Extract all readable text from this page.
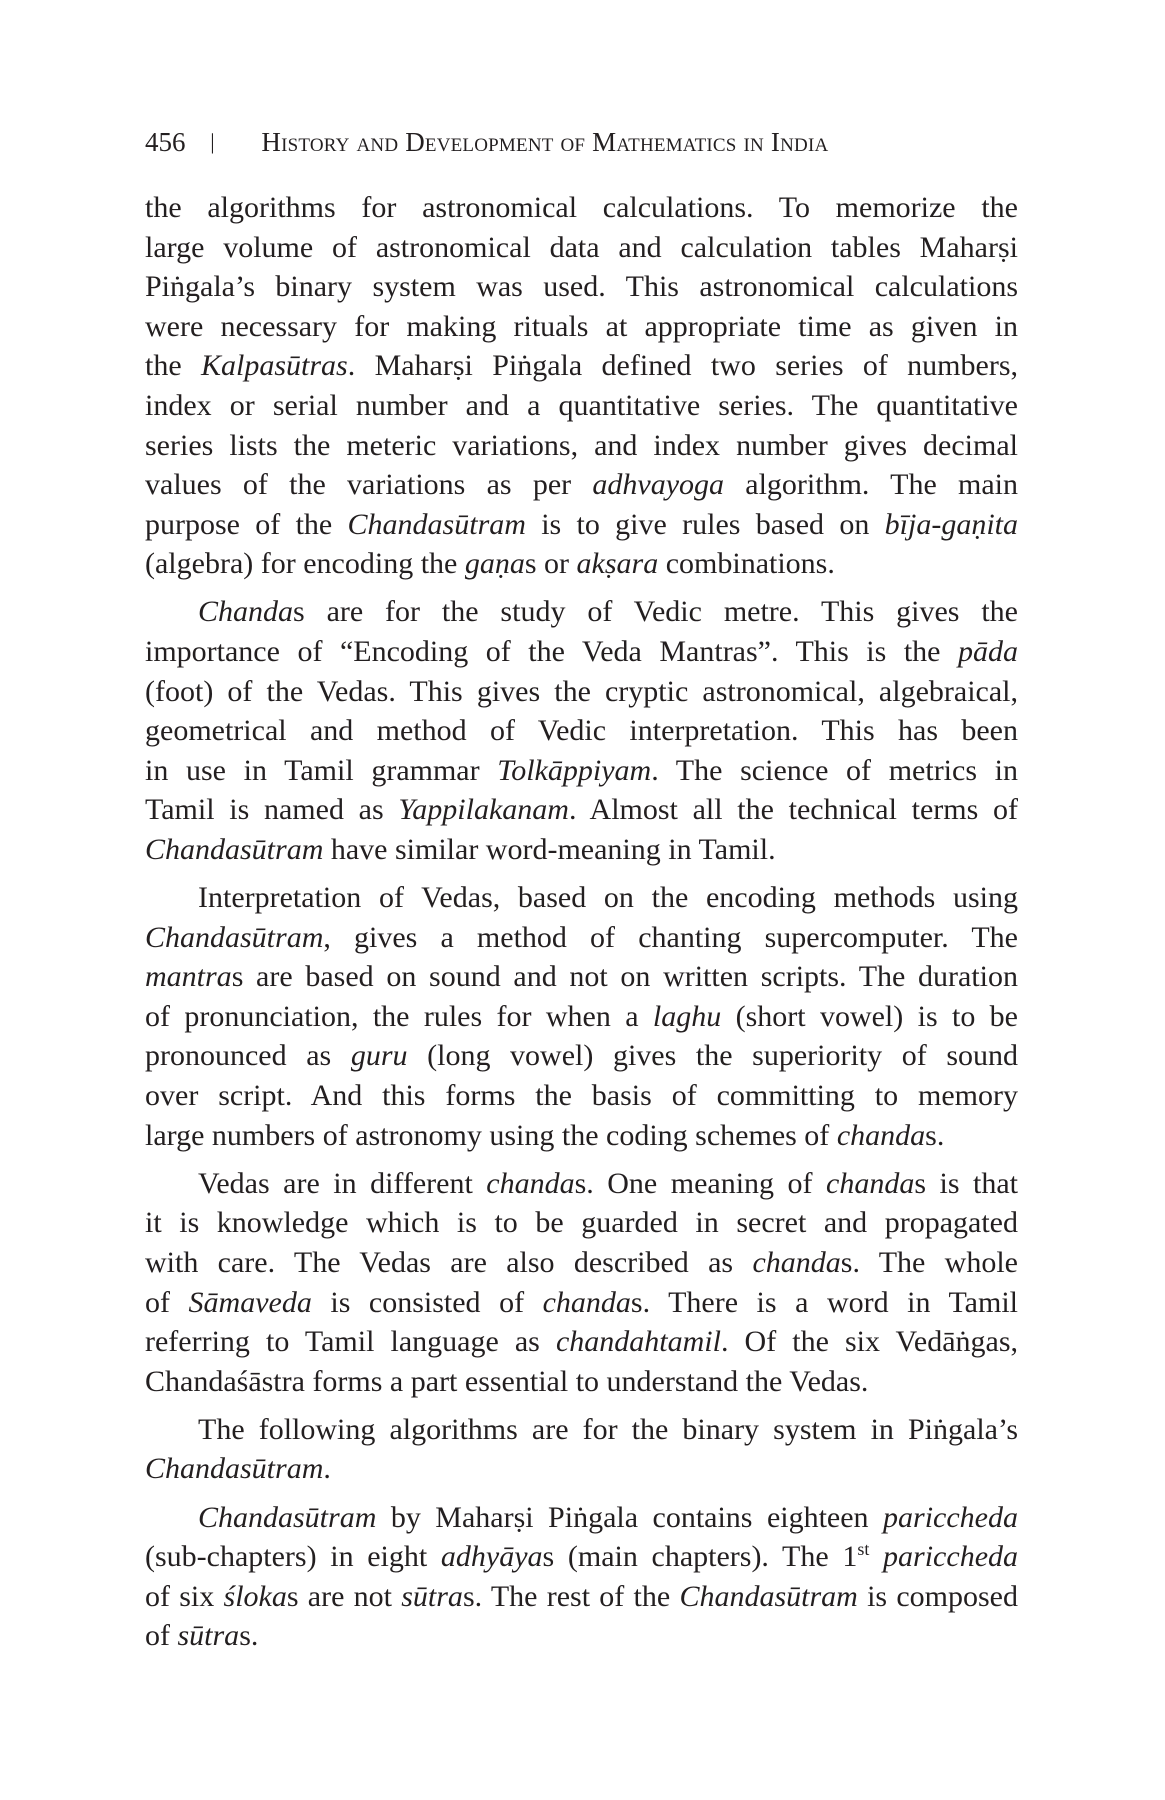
456 | History and Development of Mathematics in India
the algorithms for astronomical calculations. To memorize the
large volume of astronomical data and calculation tables Maharṣi
Piṅgala’s binary system was used. This astronomical calculations
were necessary for making rituals at appropriate time as given in
the Kalpasūtras. Maharṣi Piṅgala defined two series of numbers,
index or serial number and a quantitative series. The quantitative
series lists the meteric variations, and index number gives decimal
values of the variations as per adhvayoga algorithm. The main
purpose of the Chandasūtram is to give rules based on bīja-gaṇita
(algebra) for encoding the gaṇas or akṣara combinations.
Chandas are for the study of Vedic metre. This gives the
importance of “Encoding of the Veda Mantras”. This is the pāda
(foot) of the Vedas. This gives the cryptic astronomical, algebraical,
geometrical and method of Vedic interpretation. This has been
in use in Tamil grammar Tolkāppiyam. The science of metrics in
Tamil is named as Yappilakanam. Almost all the technical terms of
Chandasūtram have similar word-meaning in Tamil.
Interpretation of Vedas, based on the encoding methods using
Chandasūtram, gives a method of chanting supercomputer. The
mantras are based on sound and not on written scripts. The duration
of pronunciation, the rules for when a laghu (short vowel) is to be
pronounced as guru (long vowel) gives the superiority of sound
over script. And this forms the basis of committing to memory
large numbers of astronomy using the coding schemes of chandas.
Vedas are in different chandas. One meaning of chandas is that
it is knowledge which is to be guarded in secret and propagated
with care. The Vedas are also described as chandas. The whole
of Sāmaveda is consisted of chandas. There is a word in Tamil
referring to Tamil language as chandahtamil. Of the six Vedāṅgas,
Chandaśāstra forms a part essential to understand the Vedas.
The following algorithms are for the binary system in Piṅgala’s
Chandasūtram.
Chandasūtram by Maharṣi Piṅgala contains eighteen pariccheda
(sub-chapters) in eight adhyāyas (main chapters). The 1st pariccheda
of six ślokas are not sūtras. The rest of the Chandasūtram is composed
of sūtras.
